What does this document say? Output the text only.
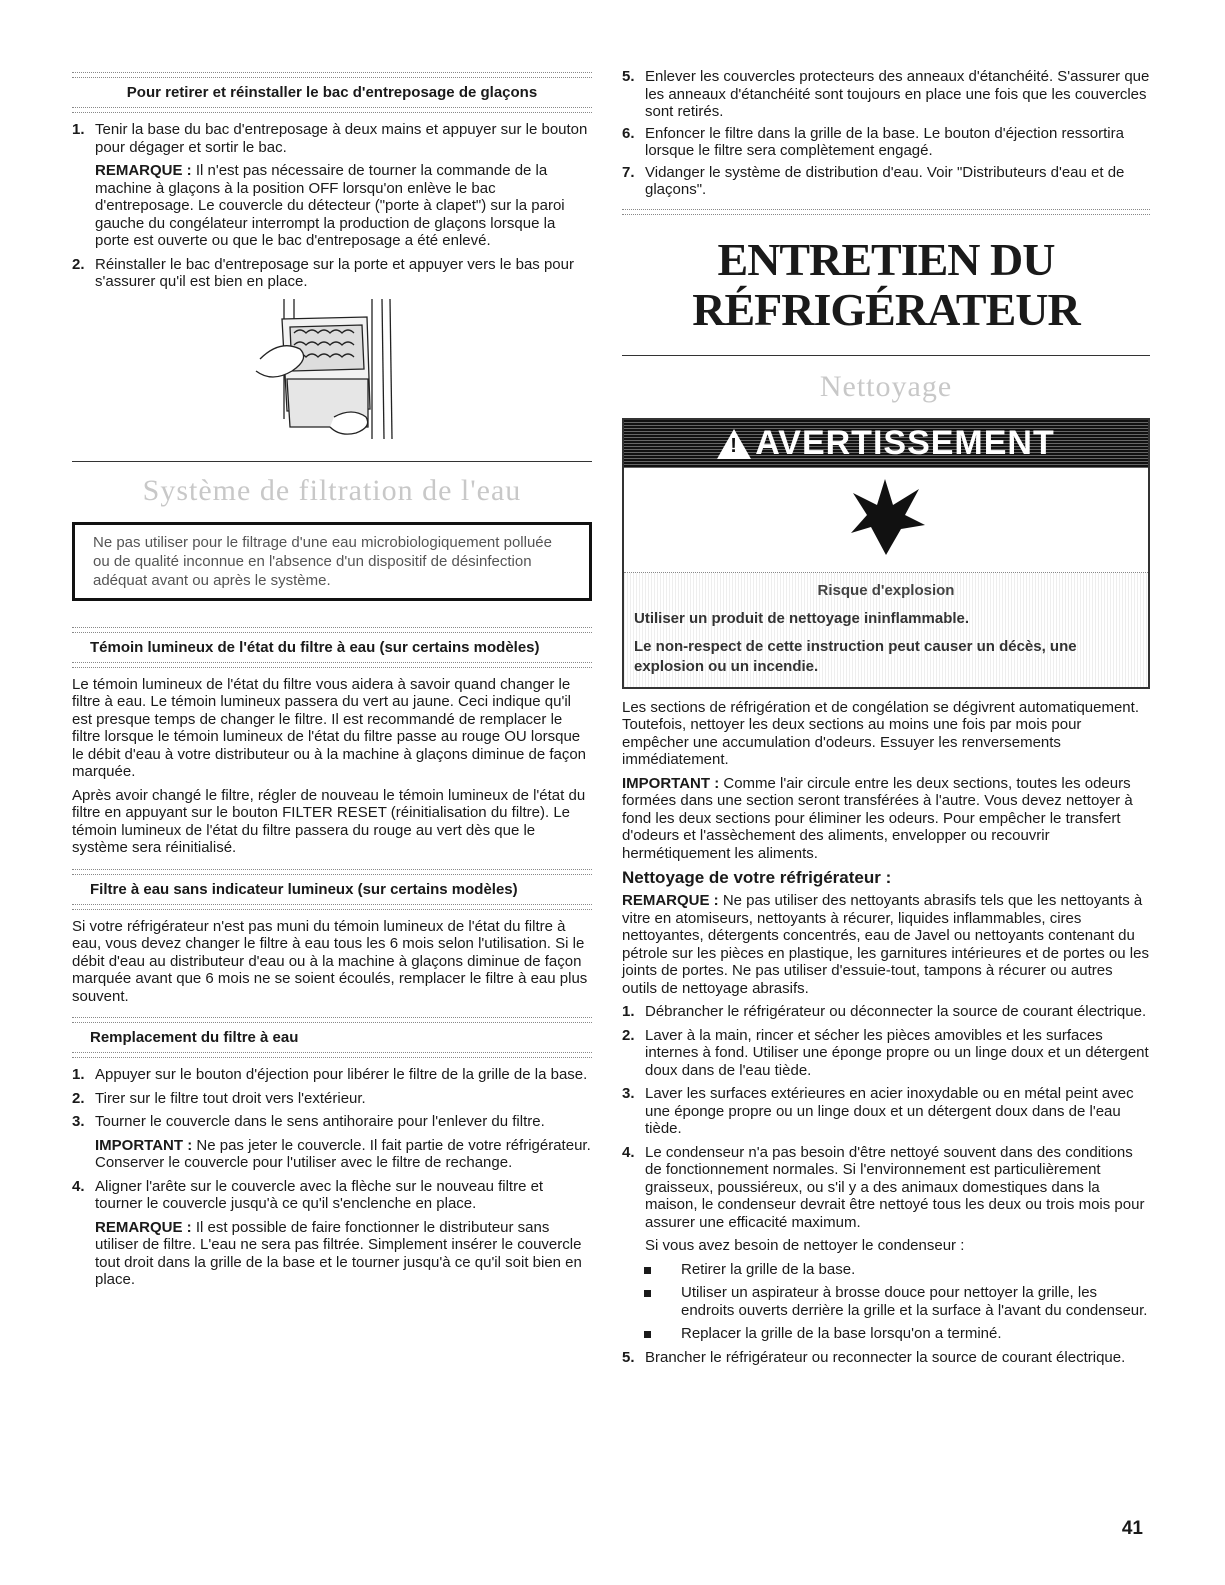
Pour retirer et réinstaller le bac d'entreposage de glaçons
1. Tenir la base du bac d'entreposage à deux mains et appuyer sur le bouton pour dégager et sortir le bac.

REMARQUE : Il n'est pas nécessaire de tourner la commande de la machine à glaçons à la position OFF lorsqu'on enlève le bac d'entreposage. Le couvercle du détecteur ("porte à clapet") sur la paroi gauche du congélateur interrompt la production de glaçons lorsque la porte est ouverte ou que le bac d'entreposage a été enlevé.

2. Réinstaller le bac d'entreposage sur la porte et appuyer vers le bas pour s'assurer qu'il est bien en place.
Système de filtration de l'eau
Ne pas utiliser pour le filtrage d'une eau microbiologiquement polluée ou de qualité inconnue en l'absence d'un dispositif de désinfection adéquat avant ou après le système.
Témoin lumineux de l'état du filtre à eau (sur certains modèles)

Le témoin lumineux de l'état du filtre vous aidera à savoir quand changer le filtre à eau. Le témoin lumineux passera du vert au jaune. Ceci indique qu'il est presque temps de changer le filtre. Il est recommandé de remplacer le filtre lorsque le témoin lumineux de l'état du filtre passe au rouge OU lorsque le débit d'eau à votre distributeur ou à la machine à glaçons diminue de façon marquée.

Après avoir changé le filtre, régler de nouveau le témoin lumineux de l'état du filtre en appuyant sur le bouton FILTER RESET (réinitialisation du filtre). Le témoin lumineux de l'état du filtre passera du rouge au vert dès que le système sera réinitialisé.

Filtre à eau sans indicateur lumineux (sur certains modèles)

Si votre réfrigérateur n'est pas muni du témoin lumineux de l'état du filtre à eau, vous devez changer le filtre à eau tous les 6 mois selon l'utilisation. Si le débit d'eau au distributeur d'eau ou à la machine à glaçons diminue de façon marquée avant que 6 mois ne se soient écoulés, remplacer le filtre à eau plus souvent.

Remplacement du filtre à eau
1. Appuyer sur le bouton d'éjection pour libérer le filtre de la grille de la base.
2. Tirer sur le filtre tout droit vers l'extérieur.
3. Tourner le couvercle dans le sens antihoraire pour l'enlever du filtre.

IMPORTANT : Ne pas jeter le couvercle. Il fait partie de votre réfrigérateur. Conserver le couvercle pour l'utiliser avec le filtre de rechange.

4. Aligner l'arête sur le couvercle avec la flèche sur le nouveau filtre et tourner le couvercle jusqu'à ce qu'il s'enclenche en place.

REMARQUE : Il est possible de faire fonctionner le distributeur sans utiliser de filtre. L'eau ne sera pas filtrée. Simplement insérer le couvercle tout droit dans la grille de la base et le tourner jusqu'à ce qu'il soit bien en place.

5. Enlever les couvercles protecteurs des anneaux d'étanchéité. S'assurer que les anneaux d'étanchéité sont toujours en place une fois que les couvercles sont retirés.
6. Enfoncer le filtre dans la grille de la base. Le bouton d'éjection ressortira lorsque le filtre sera complètement engagé.
7. Vidanger le système de distribution d'eau. Voir "Distributeurs d'eau et de glaçons".
ENTRETIEN DU
RÉFRIGÉRATEUR
Nettoyage
! AVERTISSEMENT
Risque d'explosion
Utiliser un produit de nettoyage ininflammable.
Le non-respect de cette instruction peut causer un décès, une explosion ou un incendie.

Les sections de réfrigération et de congélation se dégivrent automatiquement. Toutefois, nettoyer les deux sections au moins une fois par mois pour empêcher une accumulation d'odeurs. Essuyer les renversements immédiatement.

IMPORTANT : Comme l'air circule entre les deux sections, toutes les odeurs formées dans une section seront transférées à l'autre. Vous devez nettoyer à fond les deux sections pour éliminer les odeurs. Pour empêcher le transfert d'odeurs et l'assèchement des aliments, envelopper ou recouvrir hermétiquement les aliments.

Nettoyage de votre réfrigérateur :

REMARQUE : Ne pas utiliser des nettoyants abrasifs tels que les nettoyants à vitre en atomiseurs, nettoyants à récurer, liquides inflammables, cires nettoyantes, détergents concentrés, eau de Javel ou nettoyants contenant du pétrole sur les pièces en plastique, les garnitures intérieures et de portes ou les joints de portes. Ne pas utiliser d'essuie-tout, tampons à récurer ou autres outils de nettoyage abrasifs.

1. Débrancher le réfrigérateur ou déconnecter la source de courant électrique.
2. Laver à la main, rincer et sécher les pièces amovibles et les surfaces internes à fond. Utiliser une éponge propre ou un linge doux et un détergent doux dans de l'eau tiède.
3. Laver les surfaces extérieures en acier inoxydable ou en métal peint avec une éponge propre ou un linge doux et un détergent doux dans de l'eau tiède.
4. Le condenseur n'a pas besoin d'être nettoyé souvent dans des conditions de fonctionnement normales. Si l'environnement est particulièrement graisseux, poussiéreux, ou s'il y a des animaux domestiques dans la maison, le condenseur devrait être nettoyé tous les deux ou trois mois pour assurer une efficacité maximum.

Si vous avez besoin de nettoyer le condenseur :

Retirer la grille de la base.
Utiliser un aspirateur à brosse douce pour nettoyer la grille, les endroits ouverts derrière la grille et la surface à l'avant du condenseur.
Replacer la grille de la base lorsqu'on a terminé.
5. Brancher le réfrigérateur ou reconnecter la source de courant électrique.
41
